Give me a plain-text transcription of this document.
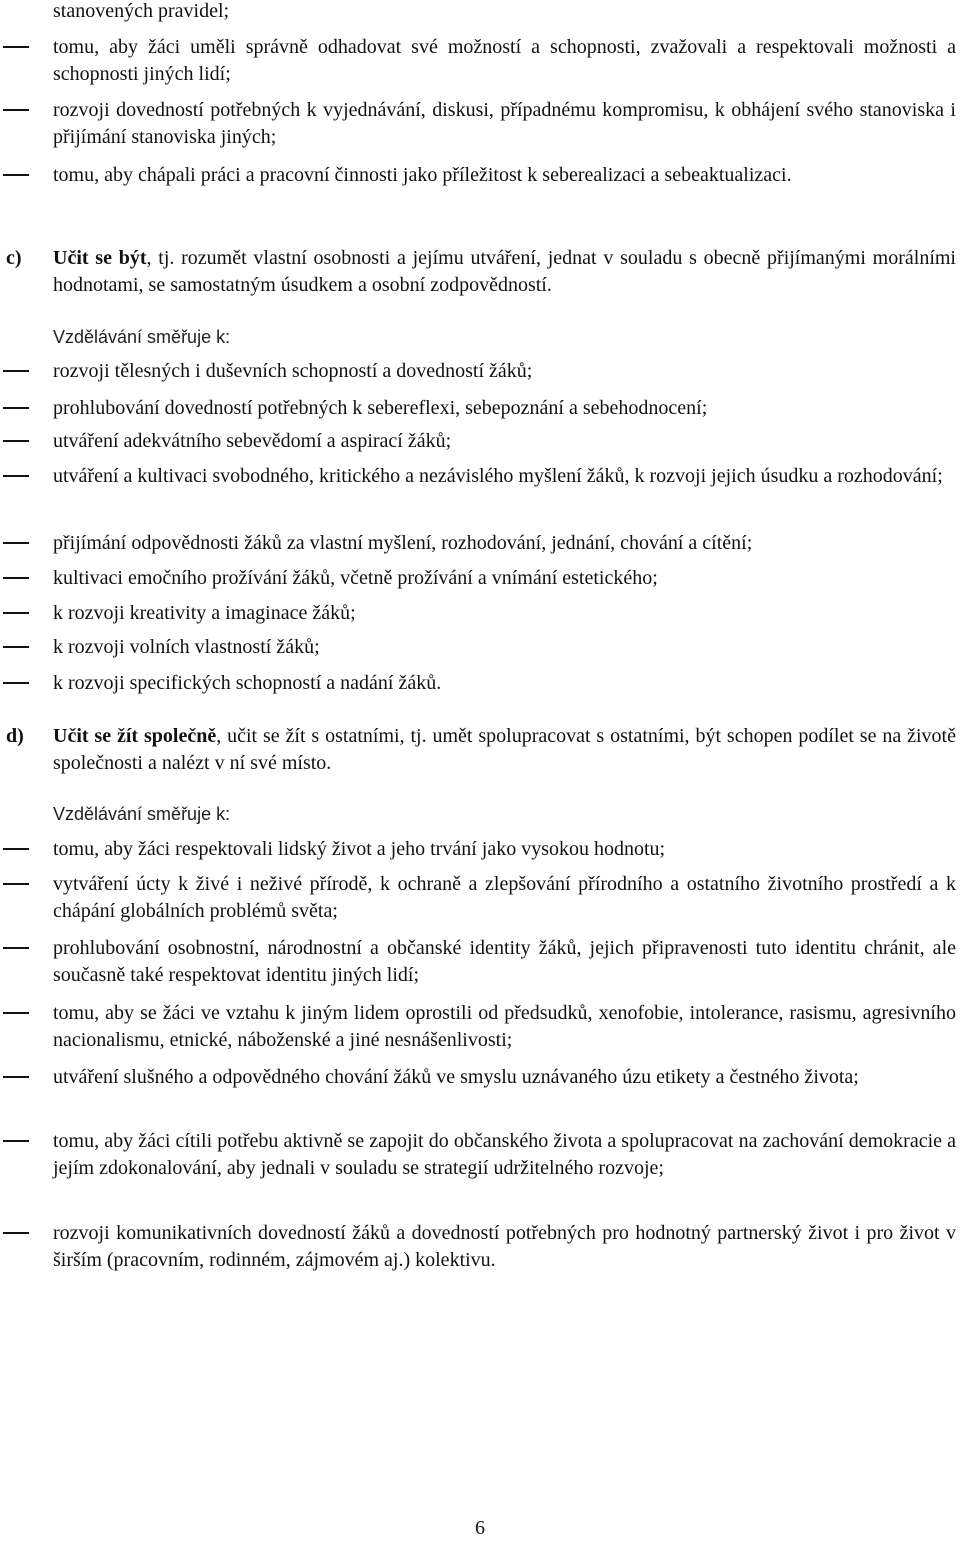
stanovených pravidel;
tomu, aby žáci uměli správně odhadovat své možností a schopnosti, zvažovali a respektovali možnosti a schopnosti jiných lidí;
rozvoji dovedností potřebných k vyjednávání, diskusi, případnému kompromisu, k obhájení svého stanoviska i přijímání stanoviska jiných;
tomu, aby chápali práci a pracovní činnosti jako příležitost k seberealizaci a sebeaktualizaci.
c) Učit se být, tj. rozumět vlastní osobnosti a jejímu utváření, jednat v souladu s obecně přijímanými morálními hodnotami, se samostatným úsudkem a osobní zodpovědností.
Vzdělávání směřuje k:
rozvoji tělesných i duševních schopností a dovedností žáků;
prohlubování dovedností potřebných k sebereflexi, sebepoznání a sebehodnocení;
utváření adekvátního sebevědomí a aspirací žáků;
utváření a kultivaci svobodného, kritického a nezávislého myšlení žáků, k rozvoji jejich úsudku a rozhodování;
přijímání odpovědnosti žáků za vlastní myšlení, rozhodování, jednání, chování a cítění;
kultivaci emočního prožívání žáků, včetně prožívání a vnímání estetického;
k rozvoji kreativity a imaginace žáků;
k rozvoji volních vlastností žáků;
k rozvoji specifických schopností a nadání žáků.
d) Učit se žít společně, učit se žít s ostatními, tj. umět spolupracovat s ostatními, být schopen podílet se na životě společnosti a nalézt v ní své místo.
Vzdělávání směřuje k:
tomu, aby žáci respektovali lidský život a jeho trvání jako vysokou hodnotu;
vytváření úcty k živé i neživé přírodě, k ochraně a zlepšování přírodního a ostatního životního prostředí a k chápání globálních problémů světa;
prohlubování osobnostní, národnostní a občanské identity žáků, jejich připravenosti tuto identitu chránit, ale současně také respektovat identitu jiných lidí;
tomu, aby se žáci ve vztahu k jiným lidem oprostili od předsudků, xenofobie, intolerance, rasismu, agresivního nacionalismu, etnické, náboženské a jiné nesnášenlivosti;
utváření slušného a odpovědného chování žáků ve smyslu uznávaného úzu etikety a čestného života;
tomu, aby žáci cítili potřebu aktivně se zapojit do občanského života a spolupracovat na zachování demokracie a jejím zdokonalování, aby jednali v souladu se strategií udržitelného rozvoje;
rozvoji komunikativních dovedností žáků a dovedností potřebných pro hodnotný partnerský život i pro život v širším (pracovním, rodinném, zájmovém aj.) kolektivu.
6
